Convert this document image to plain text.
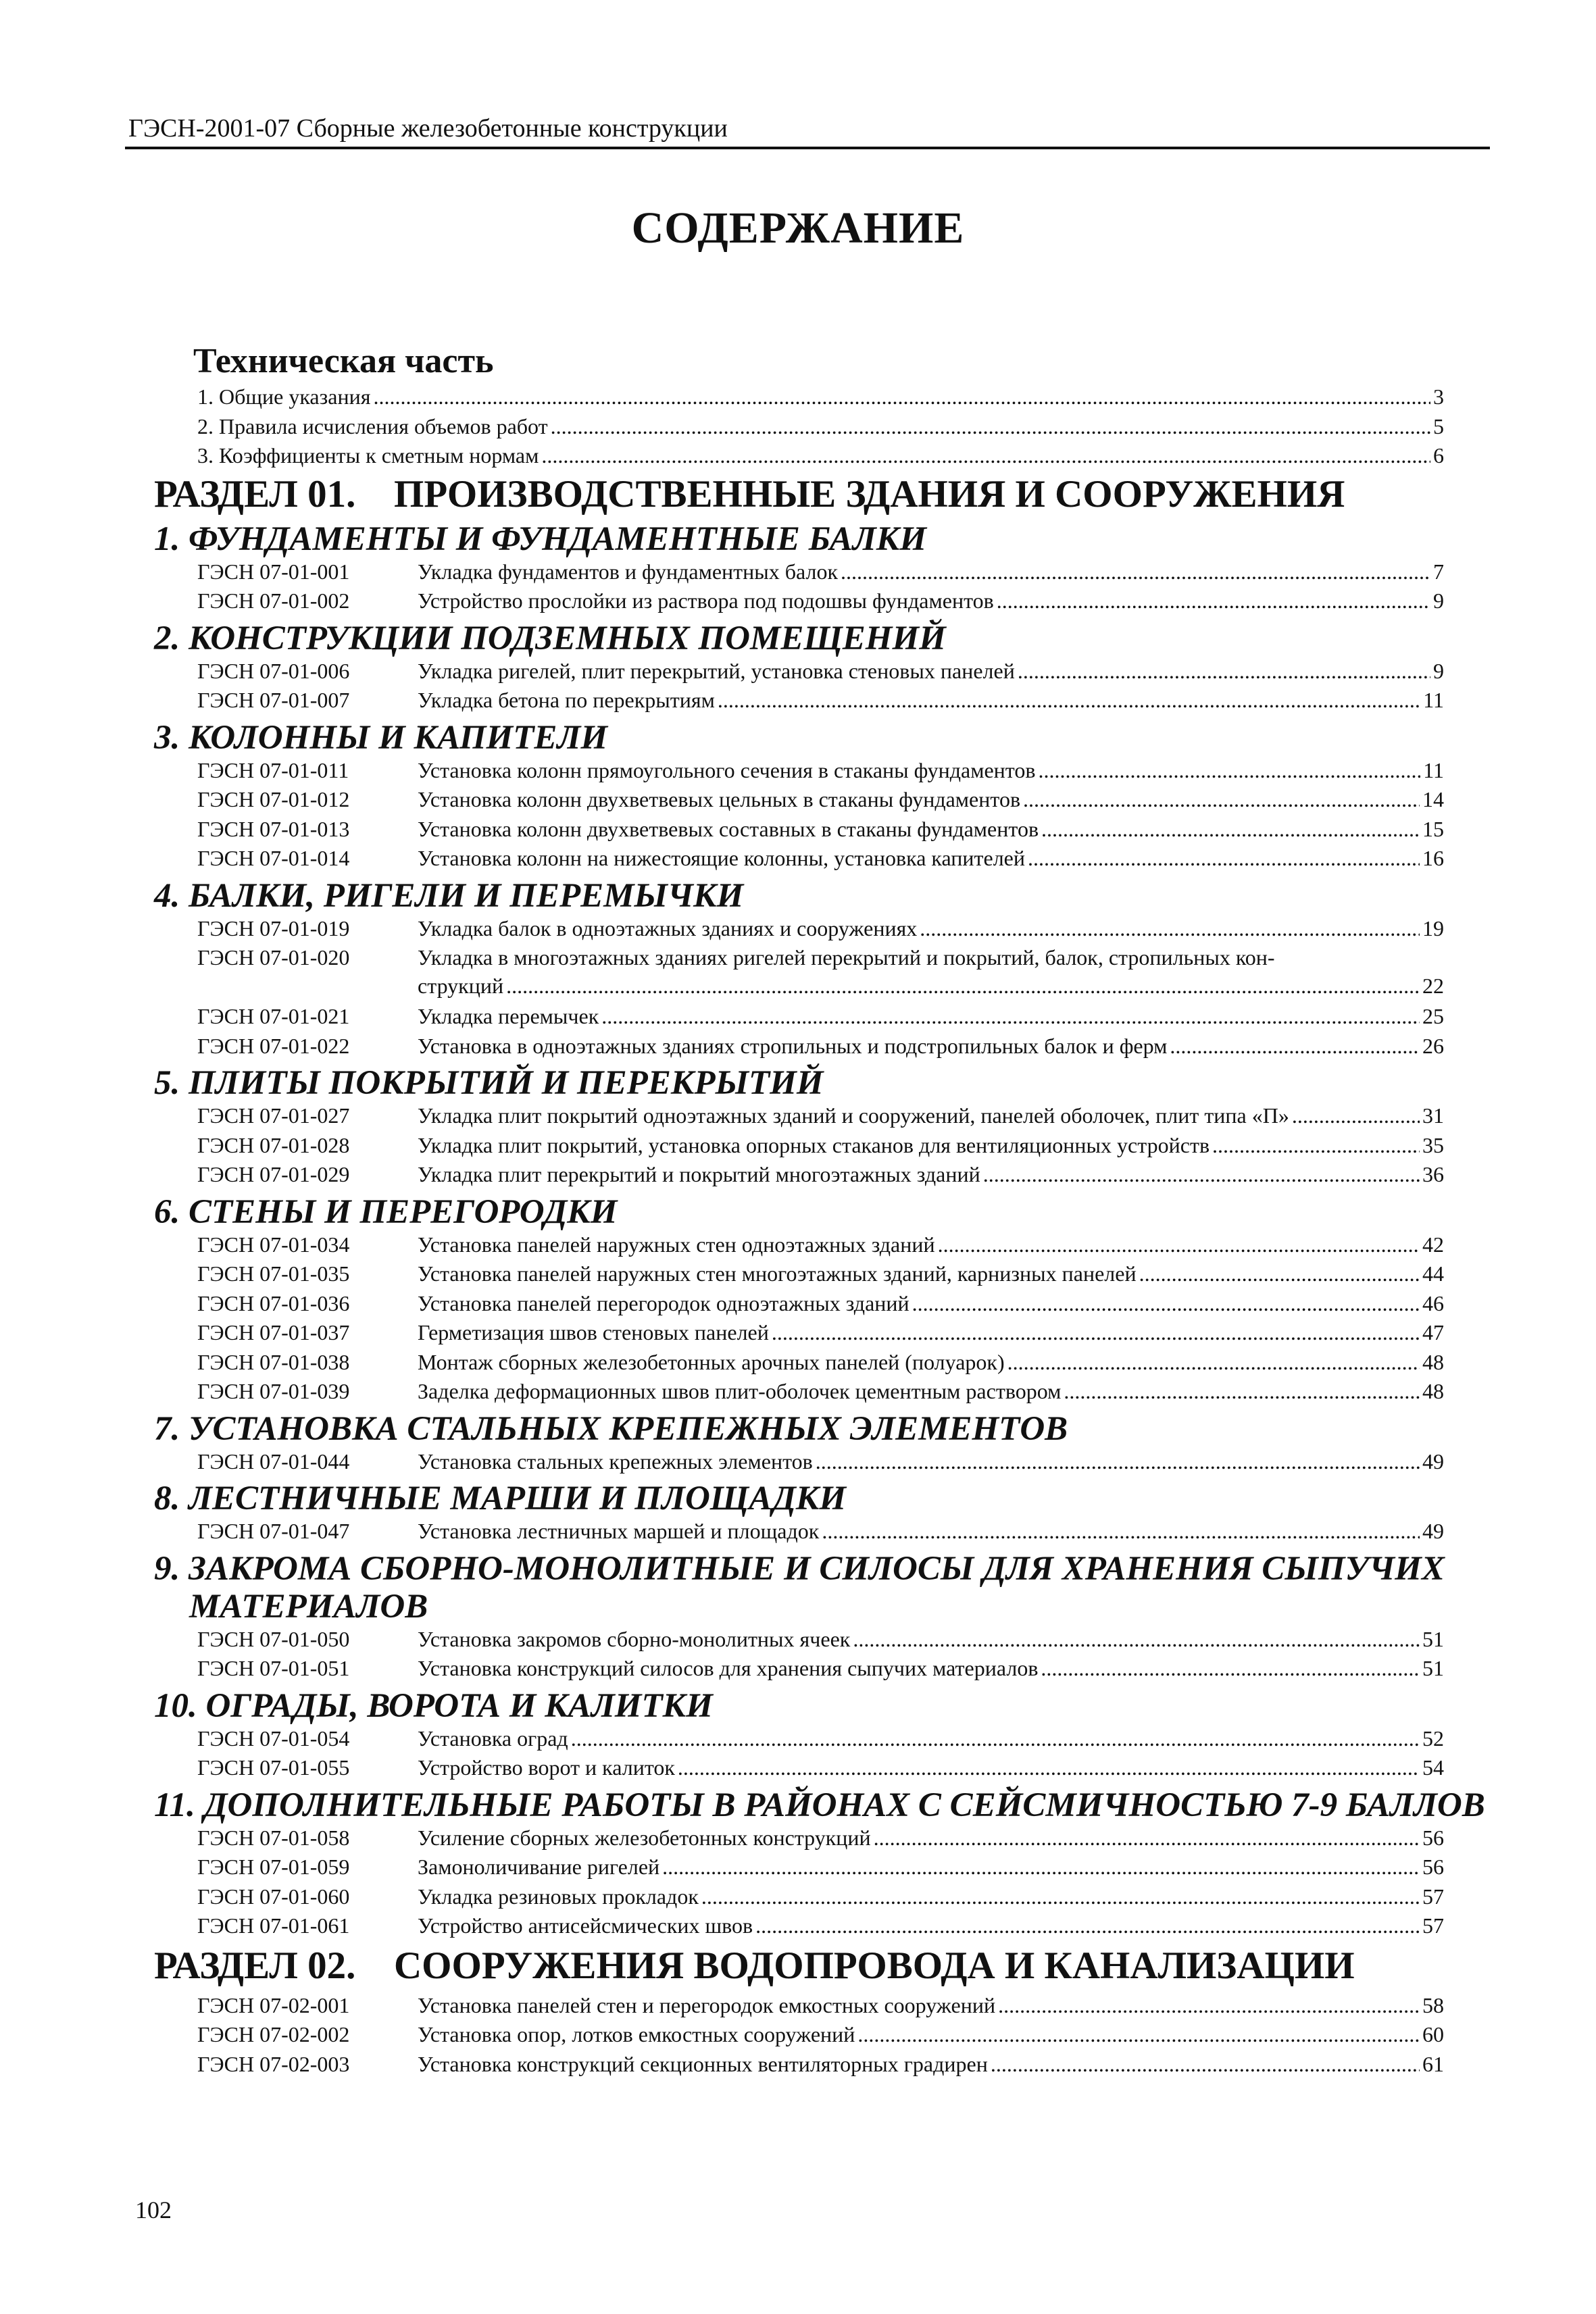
ГЭСН-2001-07 Сборные железобетонные конструкции
СОДЕРЖАНИЕ
Техническая часть
1. Общие указания .....	3
2. Правила исчисления объемов работ .....	5
3. Коэффициенты к сметным нормам .....	6
РАЗДЕЛ 01. ПРОИЗВОДСТВЕННЫЕ ЗДАНИЯ И СООРУЖЕНИЯ
1. ФУНДАМЕНТЫ И ФУНДАМЕНТНЫЕ БАЛКИ
ГЭСН 07-01-001	Укладка фундаментов и фундаментных балок .....	7
ГЭСН 07-01-002	Устройство прослойки из раствора под подошвы фундаментов .....	9
2. КОНСТРУКЦИИ ПОДЗЕМНЫХ ПОМЕЩЕНИЙ
ГЭСН 07-01-006	Укладка ригелей, плит перекрытий, установка стеновых панелей .....	9
ГЭСН 07-01-007	Укладка бетона по перекрытиям .....	11
3. КОЛОННЫ И КАПИТЕЛИ
ГЭСН 07-01-011	Установка колонн прямоугольного сечения в стаканы фундаментов .....	11
ГЭСН 07-01-012	Установка колонн двухветвевых цельных в стаканы фундаментов .....	14
ГЭСН 07-01-013	Установка колонн двухветвевых составных в стаканы фундаментов .....	15
ГЭСН 07-01-014	Установка колонн на нижестоящие колонны, установка капителей .....	16
4. БАЛКИ, РИГЕЛИ И ПЕРЕМЫЧКИ
ГЭСН 07-01-019	Укладка балок в одноэтажных зданиях и сооружениях .....	19
ГЭСН 07-01-020	Укладка в многоэтажных зданиях ригелей перекрытий и покрытий, балок, стропильных кон-
струкций .....	22
ГЭСН 07-01-021	Укладка перемычек .....	25
ГЭСН 07-01-022	Установка в одноэтажных зданиях стропильных и подстропильных балок и ферм .....	26
5. ПЛИТЫ ПОКРЫТИЙ И ПЕРЕКРЫТИЙ
ГЭСН 07-01-027	Укладка плит покрытий одноэтажных зданий и сооружений, панелей оболочек, плит типа «П» .....	31
ГЭСН 07-01-028	Укладка плит покрытий, установка опорных стаканов для вентиляционных устройств .....	35
ГЭСН 07-01-029	Укладка плит перекрытий и покрытий многоэтажных зданий .....	36
6. СТЕНЫ И ПЕРЕГОРОДКИ
ГЭСН 07-01-034	Установка панелей наружных стен одноэтажных зданий .....	42
ГЭСН 07-01-035	Установка панелей наружных стен многоэтажных зданий, карнизных панелей .....	44
ГЭСН 07-01-036	Установка панелей перегородок одноэтажных зданий .....	46
ГЭСН 07-01-037	Герметизация швов стеновых панелей .....	47
ГЭСН 07-01-038	Монтаж сборных железобетонных арочных панелей (полуарок) .....	48
ГЭСН 07-01-039	Заделка деформационных швов плит-оболочек цементным раствором .....	48
7. УСТАНОВКА СТАЛЬНЫХ КРЕПЕЖНЫХ ЭЛЕМЕНТОВ
ГЭСН 07-01-044	Установка стальных крепежных элементов .....	49
8. ЛЕСТНИЧНЫЕ МАРШИ И ПЛОЩАДКИ
ГЭСН 07-01-047	Установка лестничных маршей и площадок .....	49
9. ЗАКРОМА СБОРНО-МОНОЛИТНЫЕ И СИЛОСЫ ДЛЯ ХРАНЕНИЯ СЫПУЧИХ
МАТЕРИАЛОВ
ГЭСН 07-01-050	Установка закромов сборно-монолитных ячеек .....	51
ГЭСН 07-01-051	Установка конструкций силосов для хранения сыпучих материалов .....	51
10. ОГРАДЫ, ВОРОТА И КАЛИТКИ
ГЭСН 07-01-054	Установка оград .....	52
ГЭСН 07-01-055	Устройство ворот и калиток .....	54
11. ДОПОЛНИТЕЛЬНЫЕ РАБОТЫ В РАЙОНАХ С СЕЙСМИЧНОСТЬЮ 7-9 БАЛЛОВ
ГЭСН 07-01-058	Усиление сборных железобетонных конструкций .....	56
ГЭСН 07-01-059	Замоноличивание ригелей .....	56
ГЭСН 07-01-060	Укладка резиновых прокладок .....	57
ГЭСН 07-01-061	Устройство антисейсмических швов .....	57
РАЗДЕЛ 02. СООРУЖЕНИЯ ВОДОПРОВОДА И КАНАЛИЗАЦИИ
ГЭСН 07-02-001	Установка панелей стен и перегородок емкостных сооружений .....	58
ГЭСН 07-02-002	Установка опор, лотков емкостных сооружений .....	60
ГЭСН 07-02-003	Установка конструкций секционных вентиляторных градирен .....	61
102
